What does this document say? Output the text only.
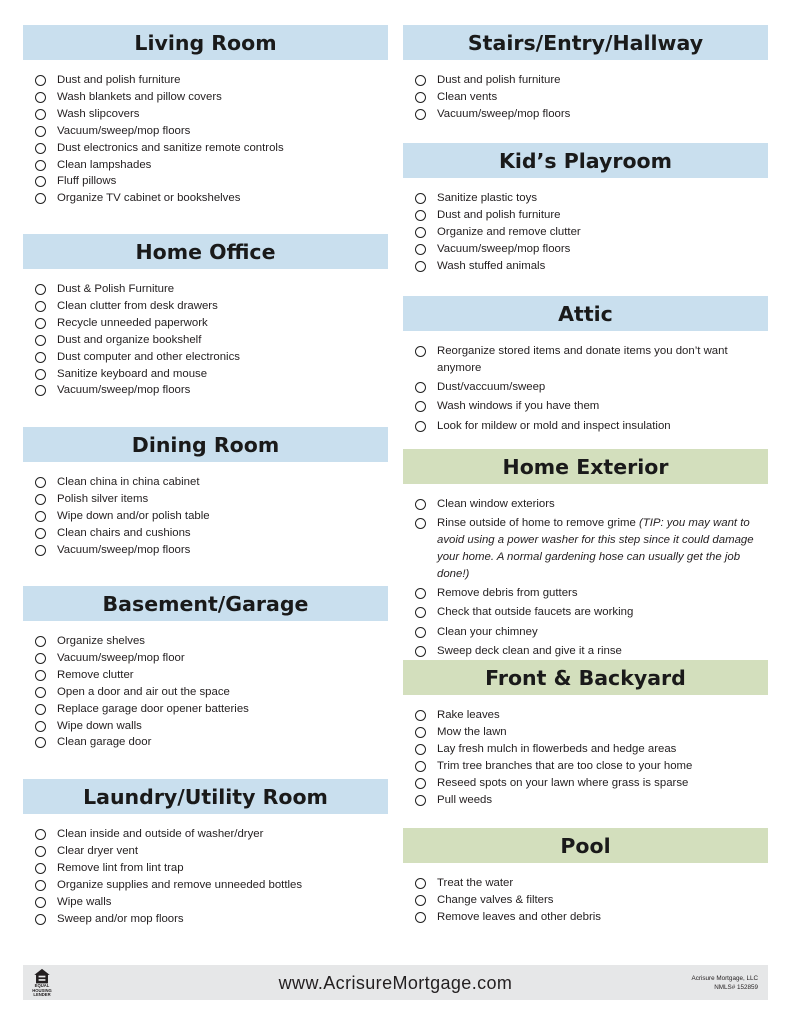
Living Room
Dust and polish furniture
Wash blankets and pillow covers
Wash slipcovers
Vacuum/sweep/mop floors
Dust electronics and sanitize remote controls
Clean lampshades
Fluff pillows
Organize TV cabinet or bookshelves
Home Office
Dust & Polish Furniture
Clean clutter from desk drawers
Recycle unneeded paperwork
Dust and organize bookshelf
Dust computer and other electronics
Sanitize keyboard and mouse
Vacuum/sweep/mop floors
Dining Room
Clean china in china cabinet
Polish silver items
Wipe down and/or polish table
Clean chairs and cushions
Vacuum/sweep/mop floors
Basement/Garage
Organize shelves
Vacuum/sweep/mop floor
Remove clutter
Open a door and air out the space
Replace garage door opener batteries
Wipe down walls
Clean garage door
Laundry/Utility Room
Clean inside and outside of washer/dryer
Clear dryer vent
Remove lint from lint trap
Organize supplies and remove unneeded bottles
Wipe walls
Sweep and/or mop floors
Stairs/Entry/Hallway
Dust and polish furniture
Clean vents
Vacuum/sweep/mop floors
Kid’s Playroom
Sanitize plastic toys
Dust and polish furniture
Organize and remove clutter
Vacuum/sweep/mop floors
Wash stuffed animals
Attic
Reorganize stored items and donate items you don’t want anymore
Dust/vaccuum/sweep
Wash windows if you have them
Look for mildew or mold and inspect insulation
Home Exterior
Clean window exteriors
Rinse outside of home to remove grime (TIP: you may want to avoid using a power washer for this step since it could damage your home. A normal gardening hose can usually get the job done!)
Remove debris from gutters
Check that outside faucets are working
Clean your chimney
Sweep deck clean and give it a rinse
Front & Backyard
Rake leaves
Mow the lawn
Lay fresh mulch in flowerbeds and hedge areas
Trim tree branches that are too close to your home
Reseed spots on your lawn where grass is sparse
Pull weeds
Pool
Treat the water
Change valves & filters
Remove leaves and other debris
EQUAL HOUSING LENDER
www.AcrisureMortgage.com	Acrisure Mortgage, LLC
NMLS# 152859
